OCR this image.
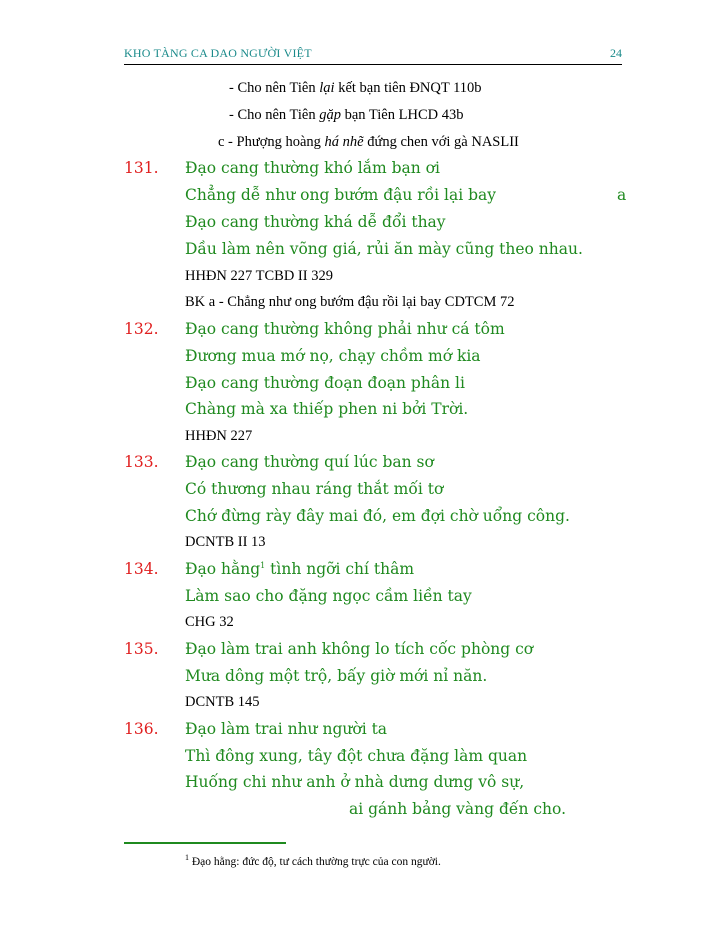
KHO TÀNG CA DAO NGƯỜI VIỆT	24
- Cho nên Tiên lại kết bạn tiên ĐNQT 110b
- Cho nên Tiên gặp bạn Tiên LHCD 43b
c - Phượng hoàng há nhẽ đứng chen với gà NASLII
131. Đạo cang thường khó lắm bạn ơi
Chẳng dễ như ong bướm đậu rồi lại bay	a
Đạo cang thường khá dễ đổi thay
Dầu làm nên võng giá, rủi ăn mày cũng theo nhau.
HHĐN 227 TCBD II 329
BK a - Chẳng như ong bướm đậu rồi lại bay CDTCM 72
132. Đạo cang thường không phải như cá tôm
Đương mua mớ nọ, chạy chồm mớ kia
Đạo cang thường đoạn đoạn phân li
Chàng mà xa thiếp phen ni bởi Trời.
HHĐN 227
133. Đạo cang thường quí lúc ban sơ
Có thương nhau ráng thắt mối tơ
Chớ đừng rày đây mai đó, em đợi chờ uổng công.
DCNTB II 13
134. Đạo hằng$^1$ tình ngỡi chí thâm
Làm sao cho đặng ngọc cầm liền tay
CHG 32
135. Đạo làm trai anh không lo tích cốc phòng cơ
Mưa dông một trộ, bấy giờ mới nỉ năn.
DCNTB 145
136. Đạo làm trai như người ta
Thì đông xung, tây đột chưa đặng làm quan
Huống chi như anh ở nhà dưng dưng vô sự,
ai gánh bảng vàng đến cho.
$^1$ Đạo hằng: đức độ, tư cách thường trực của con người.
